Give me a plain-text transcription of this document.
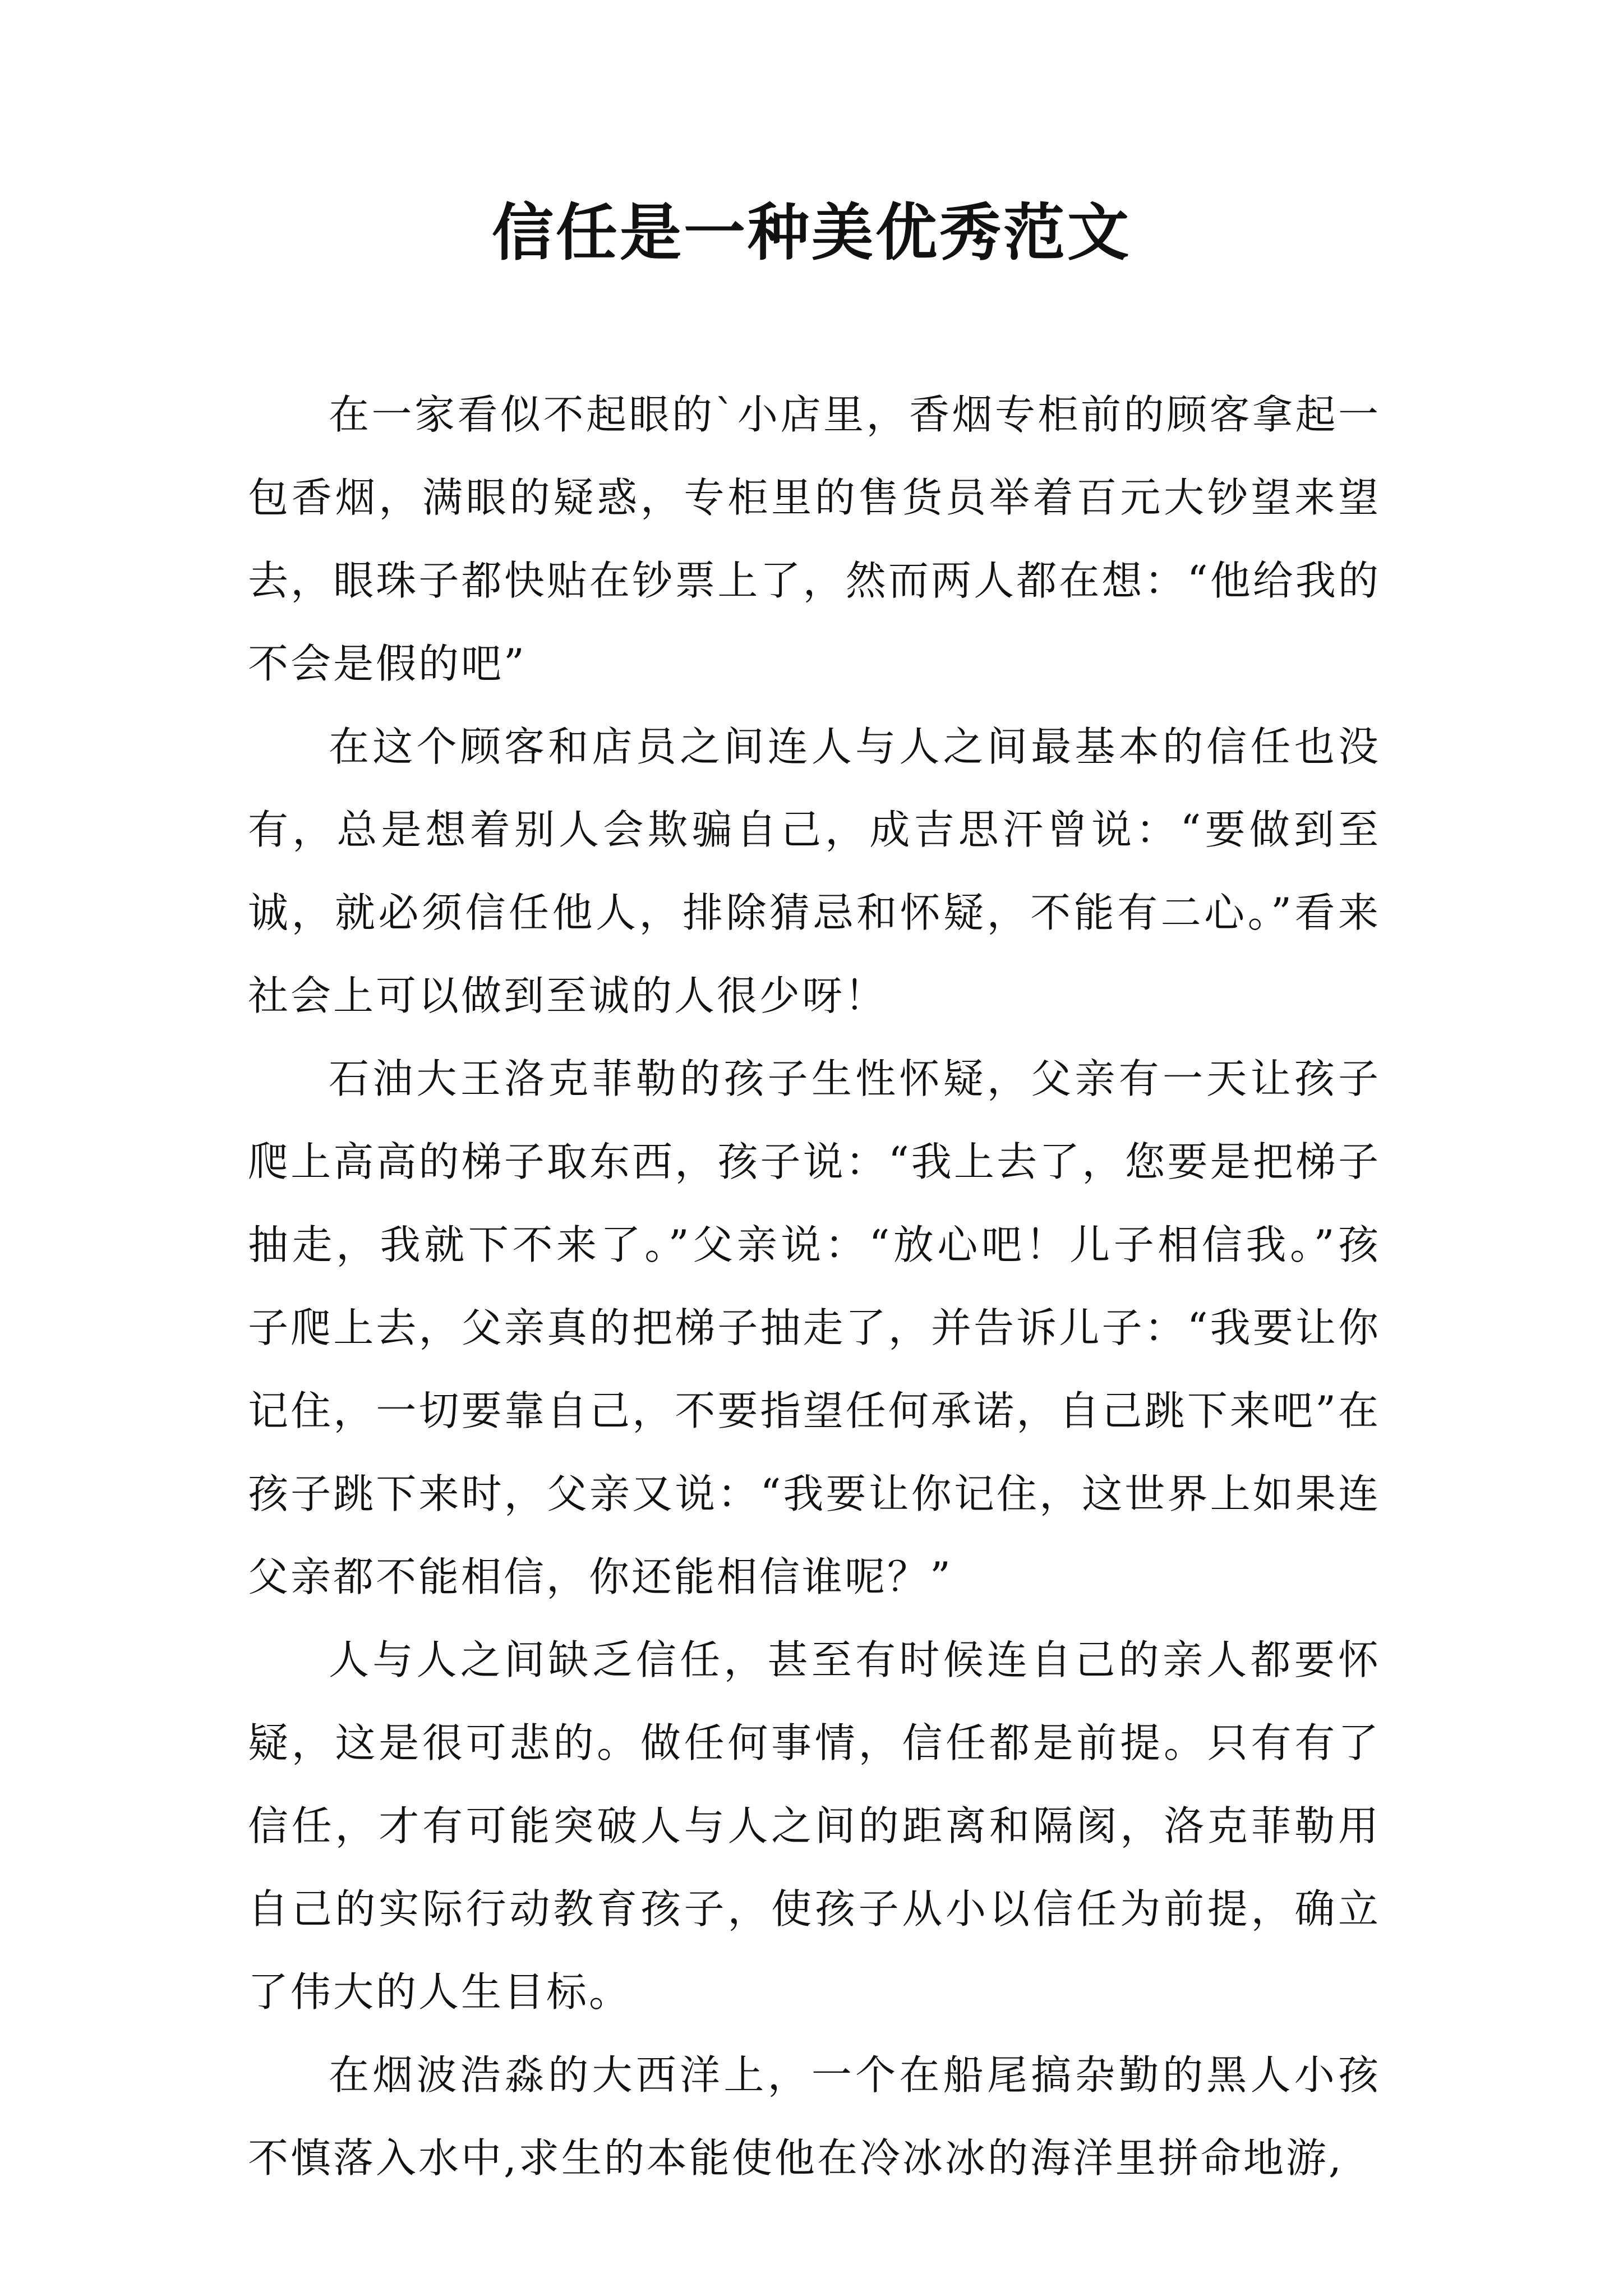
信任是一种美优秀范文

在一家看似不起眼的`小店里，香烟专柜前的顾客拿起一包香烟，满眼的疑惑，专柜里的售货员举着百元大钞望来望去，眼珠子都快贴在钞票上了，然而两人都在想：“他给我的不会是假的吧”

在这个顾客和店员之间连人与人之间最基本的信任也没有，总是想着别人会欺骗自己，成吉思汗曾说：“要做到至诚，就必须信任他人，排除猜忌和怀疑，不能有二心。”看来社会上可以做到至诚的人很少呀！

石油大王洛克菲勒的孩子生性怀疑，父亲有一天让孩子爬上高高的梯子取东西，孩子说：“我上去了，您要是把梯子抽走，我就下不来了。”父亲说：“放心吧！儿子相信我。”孩子爬上去，父亲真的把梯子抽走了，并告诉儿子：“我要让你记住，一切要靠自己，不要指望任何承诺，自己跳下来吧”在孩子跳下来时，父亲又说：“我要让你记住，这世界上如果连父亲都不能相信，你还能相信谁呢？”

人与人之间缺乏信任，甚至有时候连自己的亲人都要怀疑，这是很可悲的。做任何事情，信任都是前提。只有有了信任，才有可能突破人与人之间的距离和隔阂，洛克菲勒用自己的实际行动教育孩子，使孩子从小以信任为前提，确立了伟大的人生目标。

在烟波浩淼的大西洋上，一个在船尾搞杂勤的黑人小孩不慎落入水中,求生的本能使他在冷冰冰的海洋里拼命地游,
